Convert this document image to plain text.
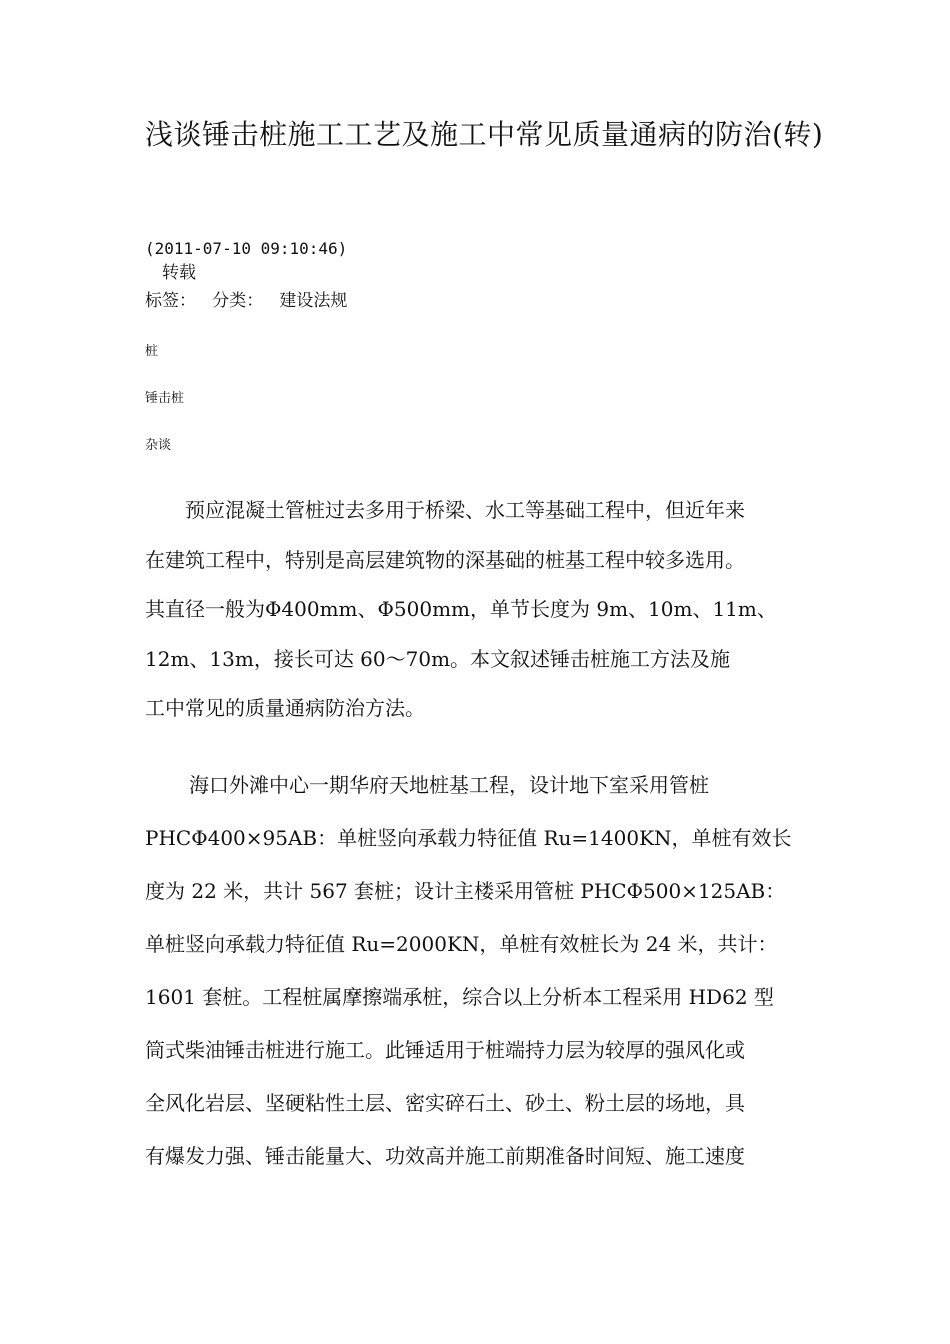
浅谈锤击桩施工工艺及施工中常见质量通病的防治(转)
(2011-07-10 09:10:46)
转载
标签：   分类：   建设法规
桩
锤击桩
杂谈
预应混凝土管桩过去多用于桥梁、水工等基础工程中，但近年来
在建筑工程中，特别是高层建筑物的深基础的桩基工程中较多选用。
其直径一般为Φ400mm、Φ500mm，单节长度为 9m、10m、11m、
12m、13m，接长可达 60～70m。本文叙述锤击桩施工方法及施
工中常见的质量通病防治方法。
海口外滩中心一期华府天地桩基工程，设计地下室采用管桩
PHCΦ400×95AB：单桩竖向承载力特征值 Ru=1400KN，单桩有效长
度为 22 米，共计 567 套桩；设计主楼采用管桩 PHCΦ500×125AB：
单桩竖向承载力特征值 Ru=2000KN，单桩有效桩长为 24 米，共计：
1601 套桩。工程桩属摩擦端承桩，综合以上分析本工程采用 HD62 型
筒式柴油锤击桩进行施工。此锤适用于桩端持力层为较厚的强风化或
全风化岩层、坚硬粘性土层、密实碎石土、砂土、粉土层的场地，具
有爆发力强、锤击能量大、功效高并施工前期准备时间短、施工速度
